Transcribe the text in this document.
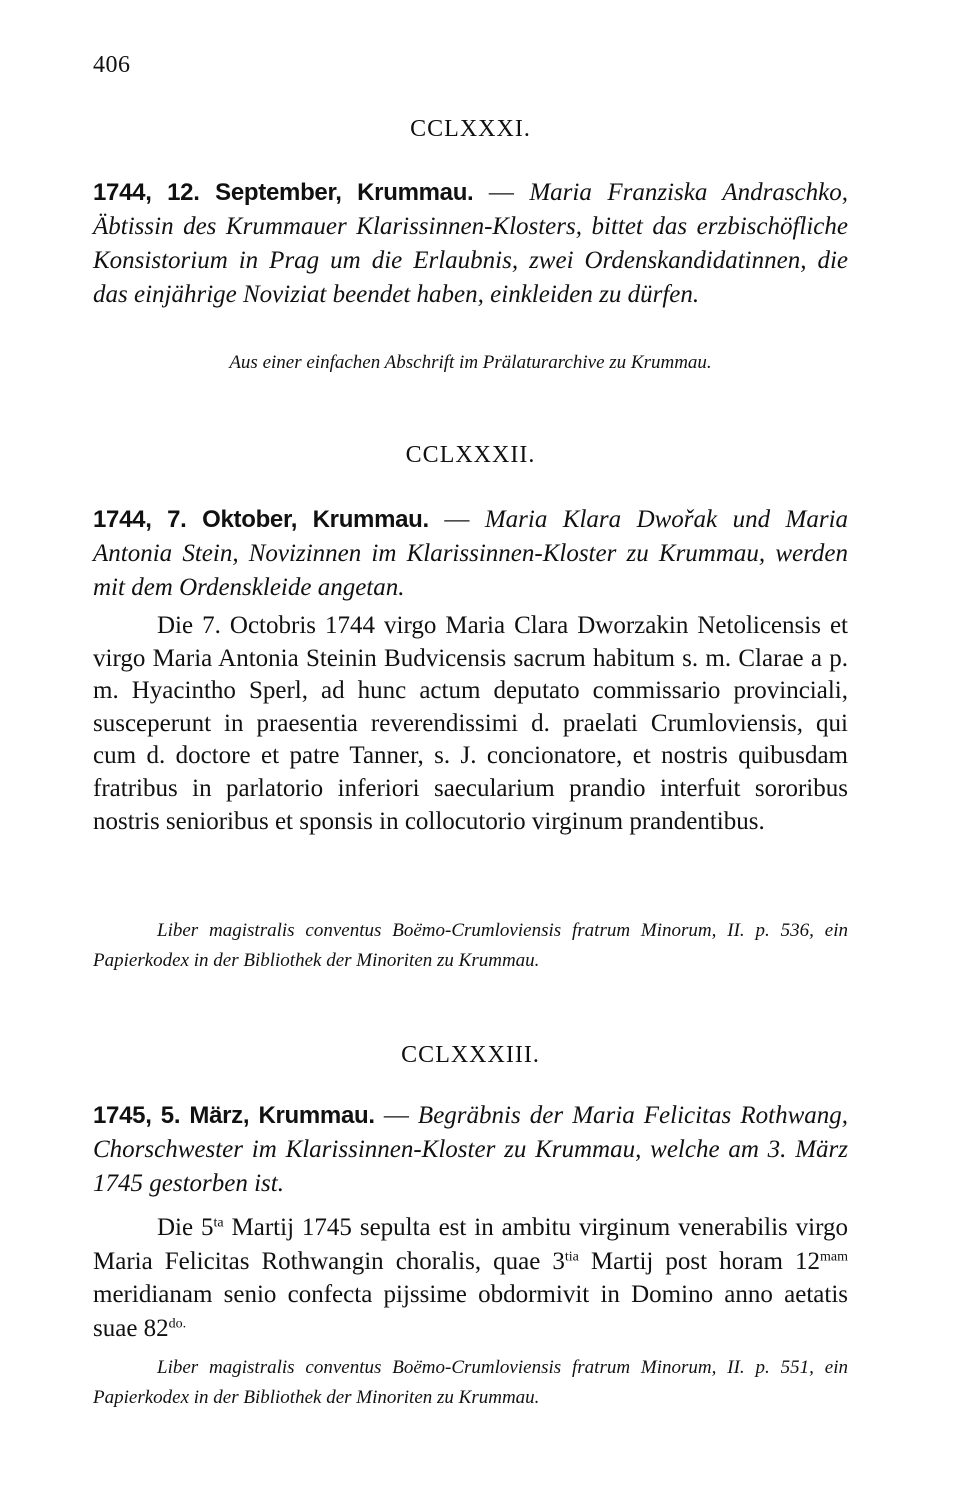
406
CCLXXXI.
1744, 12. September, Krummau. — Maria Franziska Andraschko, Äbtissin des Krummauer Klarissinnen-Klosters, bittet das erzbischöfliche Konsistorium in Prag um die Erlaubnis, zwei Ordenskandidatinnen, die das einjährige Noviziat beendet haben, einkleiden zu dürfen.
Aus einer einfachen Abschrift im Prälaturarchive zu Krummau.
CCLXXXII.
1744, 7. Oktober, Krummau. — Maria Klara Dwořak und Maria Antonia Stein, Novizinnen im Klarissinnen-Kloster zu Krummau, werden mit dem Ordenskleide angetan.
Die 7. Octobris 1744 virgo Maria Clara Dworzakin Netolicensis et virgo Maria Antonia Steinin Budvicensis sacrum habitum s. m. Clarae a p. m. Hyacintho Sperl, ad hunc actum deputato commissario provinciali, susceperunt in praesentia reverendissimi d. praelati Crumloviensis, qui cum d. doctore et patre Tanner, s. J. concionatore, et nostris quibusdam fratribus in parlatorio inferiori saecularium prandio interfuit sororibus nostris senioribus et sponsis in collocutorio virginum prandentibus.
Liber magistralis conventus Boëmo-Crumloviensis fratrum Minorum, II. p. 536, ein Papierkodex in der Bibliothek der Minoriten zu Krummau.
CCLXXXIII.
1745, 5. März, Krummau. — Begräbnis der Maria Felicitas Rothwang, Chorschwester im Klarissinnen-Kloster zu Krummau, welche am 3. März 1745 gestorben ist.
Die $5^{ta}$ Martij 1745 sepulta est in ambitu virginum venerabilis virgo Maria Felicitas Rothwangin choralis, quae $3^{tia}$ Martij post horam $12^{mam}$ meridianam senio confecta pijssime obdormivit in Domino anno aetatis suae $82^{do.}$
Liber magistralis conventus Boëmo-Crumloviensis fratrum Minorum, II. p. 551, ein Papierkodex in der Bibliothek der Minoriten zu Krummau.
